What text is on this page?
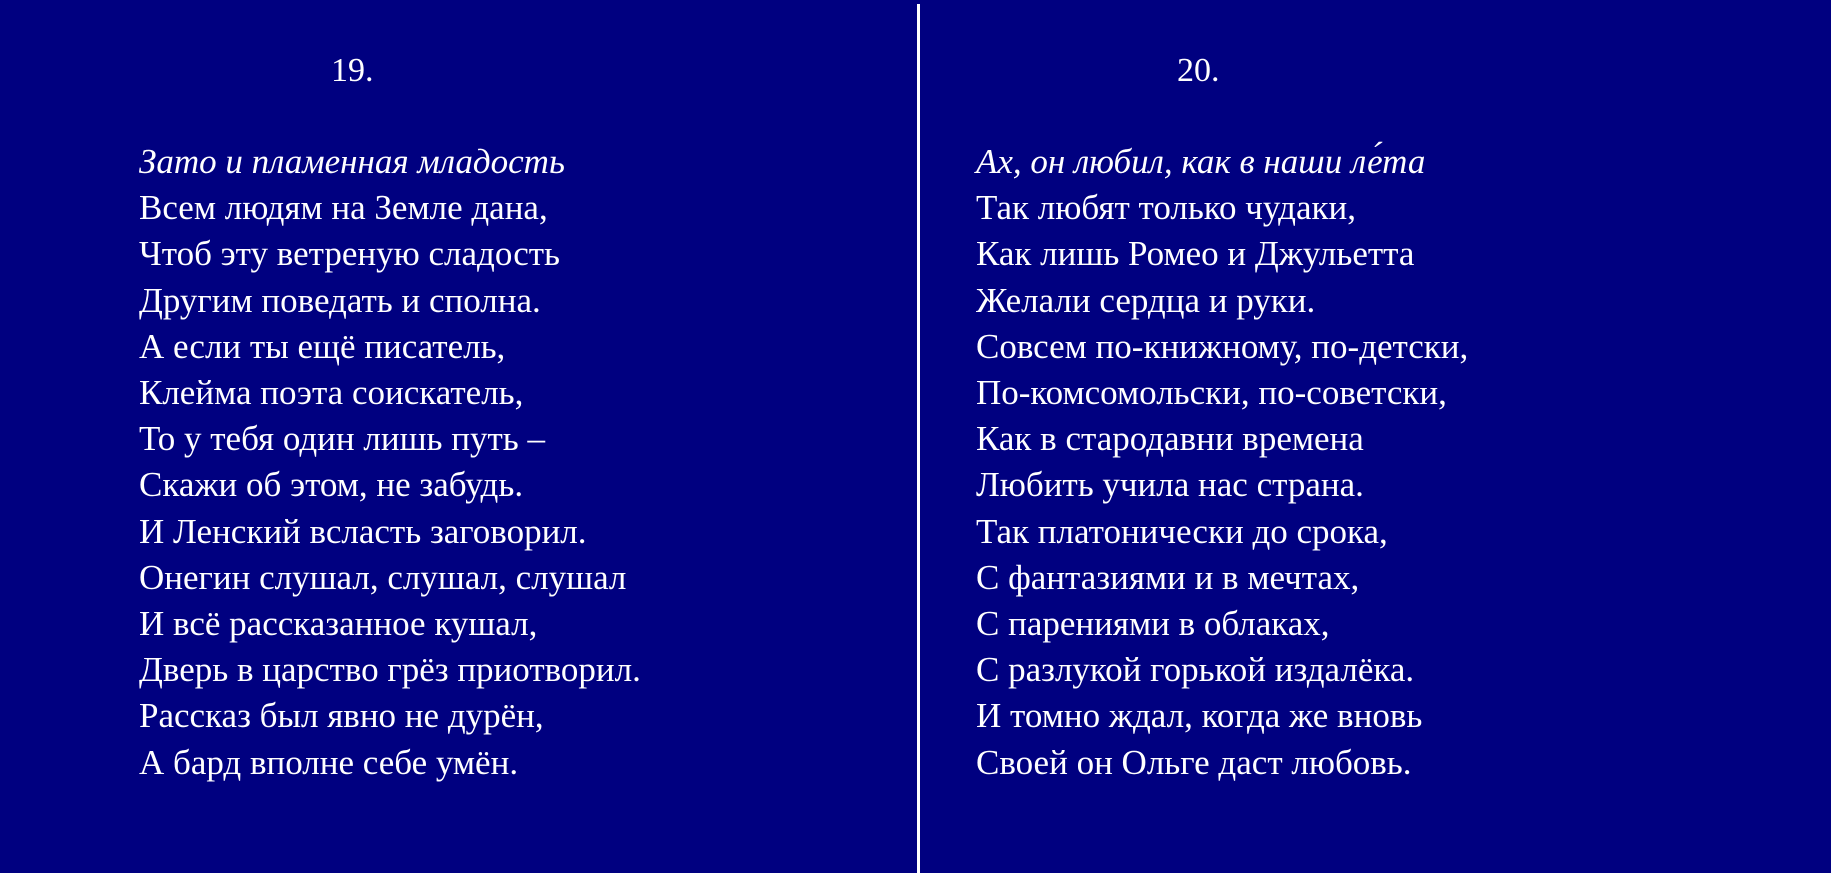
19.
Зато и пламенная младость
Всем людям на Земле дана,
Чтоб эту ветреную сладость
Другим поведать и сполна.
А если ты ещё писатель,
Клейма поэта соискатель,
То у тебя один лишь путь –
Скажи об этом, не забудь.
И Ленский всласть заговорил.
Онегин слушал, слушал, слушал
И всё рассказанное кушал,
Дверь в царство грёз приотворил.
Рассказ был явно не дурён,
А бард вполне себе умён.
20.
Ах, он любил, как в наши ле́та
Так любят только чудаки,
Как лишь Ромео и Джульетта
Желали сердца и руки.
Совсем по-книжному, по-детски,
По-комсомольски, по-советски,
Как в стародавни времена
Любить учила нас страна.
Так платонически до срока,
С фантазиями и в мечтах,
С парениями в облаках,
С разлукой горькой издалёка.
И томно ждал, когда же вновь
Своей он Ольге даст любовь.
